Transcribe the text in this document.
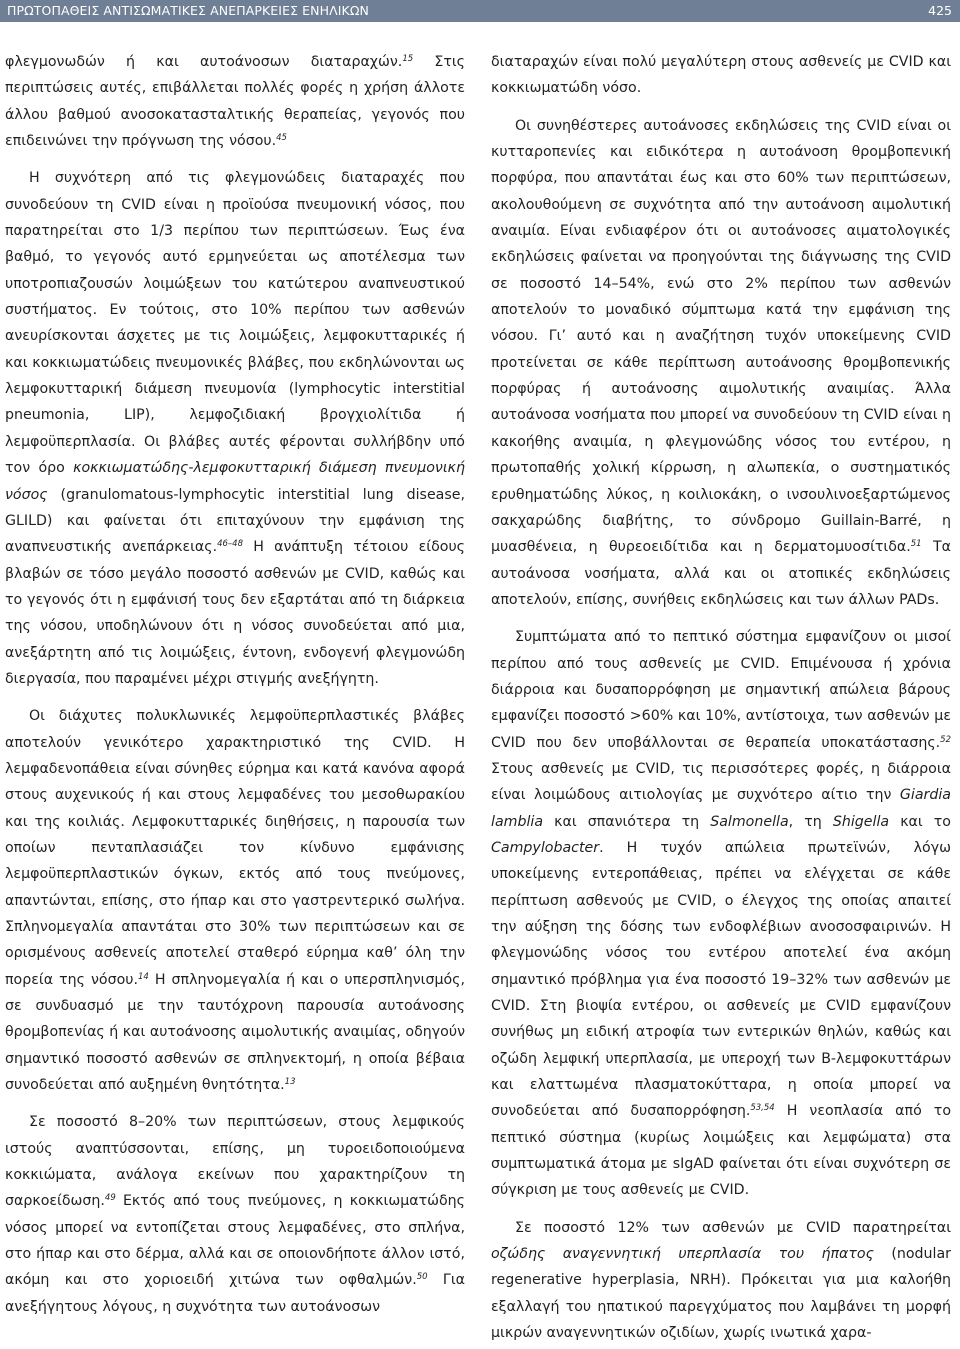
ΠΡΩΤΟΠΑΘΕΙΣ ΑΝΤΙΣΩΜΑΤΙΚΕΣ ΑΝΕΠΑΡΚΕΙΕΣ ΕΝΗΛΙΚΩΝ	425

φλεγμονωδών ή και αυτοάνοσων διαταραχών.$^{15}$ Στις περιπτώσεις αυτές, επιβάλλεται πολλές φορές η χρήση άλλοτε άλλου βαθμού ανοσοκατασταλτικής θεραπείας, γεγονός που επιδεινώνει την πρόγνωση της νόσου.$^{45}$

Η συχνότερη από τις φλεγμονώδεις διαταραχές που συνοδεύουν τη CVID είναι η προϊούσα πνευμονική νόσος, που παρατηρείται στο 1/3 περίπου των περιπτώσεων. Έως ένα βαθμό, το γεγονός αυτό ερμηνεύεται ως αποτέλεσμα των υποτροπιαζουσών λοιμώξεων του κατώτερου αναπνευστικού συστήματος. Εν τούτοις, στο 10% περίπου των ασθενών ανευρίσκονται άσχετες με τις λοιμώξεις, λεμφοκυτταρικές ή και κοκκιωματώδεις πνευμονικές βλάβες, που εκδηλώνονται ως λεμφοκυτταρική διάμεση πνευμονία (lymphocytic interstitial pneumonia, LIP), λεμφοζιδιακή βρογχιολίτιδα ή λεμφοϋπερπλασία. Οι βλάβες αυτές φέρονται συλλήβδην υπό τον όρο κοκκιωματώδης-λεμφοκυτταρική διάμεση πνευμονική νόσος (granulomatous-lymphocytic interstitial lung disease, GLILD) και φαίνεται ότι επιταχύνουν την εμφάνιση της αναπνευστικής ανεπάρκειας.$^{46-48}$ Η ανάπτυξη τέτοιου είδους βλαβών σε τόσο μεγάλο ποσοστό ασθενών με CVID, καθώς και το γεγονός ότι η εμφάνισή τους δεν εξαρτάται από τη διάρκεια της νόσου, υποδηλώνουν ότι η νόσος συνοδεύεται από μια, ανεξάρτητη από τις λοιμώξεις, έντονη, ενδογενή φλεγμονώδη διεργασία, που παραμένει μέχρι στιγμής ανεξήγητη.

Οι διάχυτες πολυκλωνικές λεμφοϋπερπλαστικές βλάβες αποτελούν γενικότερο χαρακτηριστικό της CVID. Η λεμφαδενοπάθεια είναι σύνηθες εύρημα και κατά κανόνα αφορά στους αυχενικούς ή και στους λεμφαδένες του μεσοθωρακίου και της κοιλιάς. Λεμφοκυτταρικές διηθήσεις, η παρουσία των οποίων πενταπλασιάζει τον κίνδυνο εμφάνισης λεμφοϋπερπλαστικών όγκων, εκτός από τους πνεύμονες, απαντώνται, επίσης, στο ήπαρ και στο γαστρεντερικό σωλήνα. Σπληνομεγαλία απαντάται στο 30% των περιπτώσεων και σε ορισμένους ασθενείς αποτελεί σταθερό εύρημα καθ’ όλη την πορεία της νόσου.$^{14}$ Η σπληνομεγαλία ή και ο υπερσπληνισμός, σε συνδυασμό με την ταυτόχρονη παρουσία αυτοάνοσης θρομβοπενίας ή και αυτοάνοσης αιμολυτικής αναιμίας, οδηγούν σημαντικό ποσοστό ασθενών σε σπληνεκτομή, η οποία βέβαια συνοδεύεται από αυξημένη θνητότητα.$^{13}$

Σε ποσοστό 8–20% των περιπτώσεων, στους λεμφικούς ιστούς αναπτύσσονται, επίσης, μη τυροειδοποιούμενα κοκκιώματα, ανάλογα εκείνων που χαρακτηρίζουν τη σαρκοείδωση.$^{49}$ Εκτός από τους πνεύμονες, η κοκκιωματώδης νόσος μπορεί να εντοπίζεται στους λεμφαδένες, στο σπλήνα, στο ήπαρ και στο δέρμα, αλλά και σε οποιονδήποτε άλλον ιστό, ακόμη και στο χοριοειδή χιτώνα των οφθαλμών.$^{50}$ Για ανεξήγητους λόγους, η συχνότητα των αυτοάνοσων

διαταραχών είναι πολύ μεγαλύτερη στους ασθενείς με CVID και κοκκιωματώδη νόσο.

Οι συνηθέστερες αυτοάνοσες εκδηλώσεις της CVID είναι οι κυτταροπενίες και ειδικότερα η αυτοάνοση θρομβοπενική πορφύρα, που απαντάται έως και στο 60% των περιπτώσεων, ακολουθούμενη σε συχνότητα από την αυτοάνοση αιμολυτική αναιμία. Είναι ενδιαφέρον ότι οι αυτοάνοσες αιματολογικές εκδηλώσεις φαίνεται να προηγούνται της διάγνωσης της CVID σε ποσοστό 14–54%, ενώ στο 2% περίπου των ασθενών αποτελούν το μοναδικό σύμπτωμα κατά την εμφάνιση της νόσου. Γι’ αυτό και η αναζήτηση τυχόν υποκείμενης CVID προτείνεται σε κάθε περίπτωση αυτοάνοσης θρομβοπενικής πορφύρας ή αυτοάνοσης αιμολυτικής αναιμίας. Άλλα αυτοάνοσα νοσήματα που μπορεί να συνοδεύουν τη CVID είναι η κακοήθης αναιμία, η φλεγμονώδης νόσος του εντέρου, η πρωτοπαθής χολική κίρρωση, η αλωπεκία, ο συστηματικός ερυθηματώδης λύκος, η κοιλιοκάκη, ο ινσουλινοεξαρτώμενος σακχαρώδης διαβήτης, το σύνδρομο Guillain-Barré, η μυασθένεια, η θυρεοειδίτιδα και η δερματομυοσίτιδα.$^{51}$ Τα αυτοάνοσα νοσήματα, αλλά και οι ατοπικές εκδηλώσεις αποτελούν, επίσης, συνήθεις εκδηλώσεις και των άλλων PADs.

Συμπτώματα από το πεπτικό σύστημα εμφανίζουν οι μισοί περίπου από τους ασθενείς με CVID. Επιμένουσα ή χρόνια διάρροια και δυσαπορρόφηση με σημαντική απώλεια βάρους εμφανίζει ποσοστό >60% και 10%, αντίστοιχα, των ασθενών με CVID που δεν υποβάλλονται σε θεραπεία υποκατάστασης.$^{52}$ Στους ασθενείς με CVID, τις περισσότερες φορές, η διάρροια είναι λοιμώδους αιτιολογίας με συχνότερο αίτιο την Giardia lamblia και σπανιότερα τη Salmonella, τη Shigella και το Campylobacter. Η τυχόν απώλεια πρωτεϊνών, λόγω υποκείμενης εντεροπάθειας, πρέπει να ελέγχεται σε κάθε περίπτωση ασθενούς με CVID, ο έλεγχος της οποίας απαιτεί την αύξηση της δόσης των ενδοφλέβιων ανοσοσφαιρινών. Η φλεγμονώδης νόσος του εντέρου αποτελεί ένα ακόμη σημαντικό πρόβλημα για ένα ποσοστό 19–32% των ασθενών με CVID. Στη βιοψία εντέρου, οι ασθενείς με CVID εμφανίζουν συνήθως μη ειδική ατροφία των εντερικών θηλών, καθώς και οζώδη λεμφική υπερπλασία, με υπεροχή των B-λεμφοκυττάρων και ελαττωμένα πλασματοκύτταρα, η οποία μπορεί να συνοδεύεται από δυσαπορρόφηση.$^{53,54}$ Η νεοπλασία από το πεπτικό σύστημα (κυρίως λοιμώξεις και λεμφώματα) στα συμπτωματικά άτομα με sIgAD φαίνεται ότι είναι συχνότερη σε σύγκριση με τους ασθενείς με CVID.

Σε ποσοστό 12% των ασθενών με CVID παρατηρείται οζώδης αναγεννητική υπερπλασία του ήπατος (nodular regenerative hyperplasia, NRH). Πρόκειται για μια καλοήθη εξαλλαγή του ηπατικού παρεγχύματος που λαμβάνει τη μορφή μικρών αναγεννητικών οζιδίων, χωρίς ινωτικά χαρα-
